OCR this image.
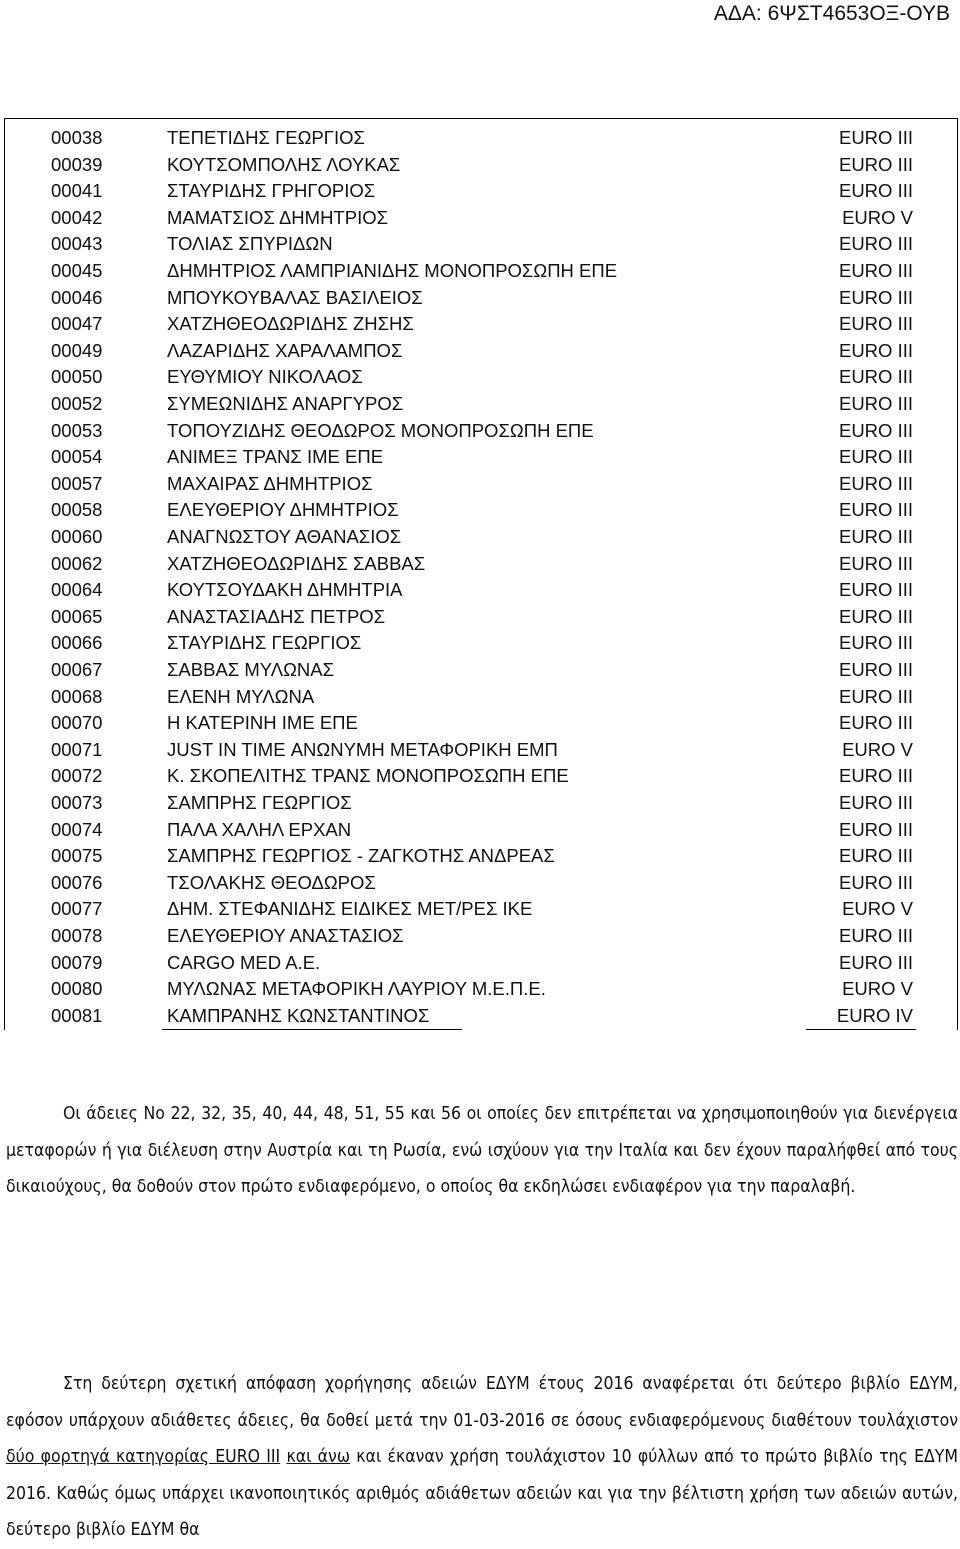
ΑΔΑ: 6ΨΣΤ4653ΟΞ-ΟΥΒ
00038	ΤΕΠΕΤΙΔΗΣ ΓΕΩΡΓΙΟΣ	EURO III
00039	ΚΟΥΤΣΟΜΠΟΛΗΣ ΛΟΥΚΑΣ	EURO III
00041	ΣΤΑΥΡΙΔΗΣ ΓΡΗΓΟΡΙΟΣ	EURO III
00042	ΜΑΜΑΤΣΙΟΣ ΔΗΜΗΤΡΙΟΣ	EURO V
00043	ΤΟΛΙΑΣ ΣΠΥΡΙΔΩΝ	EURO III
00045	ΔΗΜΗΤΡΙΟΣ ΛΑΜΠΡΙΑΝΙΔΗΣ ΜΟΝΟΠΡΟΣΩΠΗ ΕΠΕ	EURO III
00046	ΜΠΟΥΚΟΥΒΑΛΑΣ ΒΑΣΙΛΕΙΟΣ	EURO III
00047	ΧΑΤΖΗΘΕΟΔΩΡΙΔΗΣ ΖΗΣΗΣ	EURO III
00049	ΛΑΖΑΡΙΔΗΣ ΧΑΡΑΛΑΜΠΟΣ	EURO III
00050	ΕΥΘΥΜΙΟΥ ΝΙΚΟΛΑΟΣ	EURO III
00052	ΣΥΜΕΩΝΙΔΗΣ ΑΝΑΡΓΥΡΟΣ	EURO III
00053	ΤΟΠΟΥΖΙΔΗΣ ΘΕΟΔΩΡΟΣ ΜΟΝΟΠΡΟΣΩΠΗ ΕΠΕ	EURO III
00054	ΑΝΙΜΕΞ ΤΡΑΝΣ ΙΜΕ ΕΠΕ	EURO III
00057	ΜΑΧΑΙΡΑΣ ΔΗΜΗΤΡΙΟΣ	EURO III
00058	ΕΛΕΥΘΕΡΙΟΥ ΔΗΜΗΤΡΙΟΣ	EURO III
00060	ΑΝΑΓΝΩΣΤΟΥ ΑΘΑΝΑΣΙΟΣ	EURO III
00062	ΧΑΤΖΗΘΕΟΔΩΡΙΔΗΣ ΣΑΒΒΑΣ	EURO III
00064	ΚΟΥΤΣΟΥΔΑΚΗ ΔΗΜΗΤΡΙΑ	EURO III
00065	ΑΝΑΣΤΑΣΙΑΔΗΣ ΠΕΤΡΟΣ	EURO III
00066	ΣΤΑΥΡΙΔΗΣ ΓΕΩΡΓΙΟΣ	EURO III
00067	ΣΑΒΒΑΣ ΜΥΛΩΝΑΣ	EURO III
00068	ΕΛΕΝΗ ΜΥΛΩΝΑ	EURO III
00070	Η ΚΑΤΕΡΙΝΗ ΙΜΕ ΕΠΕ	EURO III
00071	JUST IN TIME ΑΝΩΝΥΜΗ ΜΕΤΑΦΟΡΙΚΗ ΕΜΠ	EURO V
00072	Κ. ΣΚΟΠΕΛΙΤΗΣ ΤΡΑΝΣ ΜΟΝΟΠΡΟΣΩΠΗ ΕΠΕ	EURO III
00073	ΣΑΜΠΡΗΣ ΓΕΩΡΓΙΟΣ	EURO III
00074	ΠΑΛΑ ΧΑΛΗΛ ΕΡΧΑΝ	EURO III
00075	ΣΑΜΠΡΗΣ ΓΕΩΡΓΙΟΣ - ΖΑΓΚΟΤΗΣ ΑΝΔΡΕΑΣ	EURO III
00076	ΤΣΟΛΑΚΗΣ ΘΕΟΔΩΡΟΣ	EURO III
00077	ΔΗΜ. ΣΤΕΦΑΝΙΔΗΣ ΕΙΔΙΚΕΣ ΜΕΤ/ΡΕΣ ΙΚΕ	EURO V
00078	ΕΛΕΥΘΕΡΙΟΥ ΑΝΑΣΤΑΣΙΟΣ	EURO III
00079	CARGO MED A.E.	EURO III
00080	ΜΥΛΩΝΑΣ ΜΕΤΑΦΟΡΙΚΗ ΛΑΥΡΙΟΥ Μ.Ε.Π.Ε.	EURO V
00081	ΚΑΜΠΡΑΝΗΣ ΚΩΝΣΤΑΝΤΙΝΟΣ	EURO IV
Οι άδειες Νο 22, 32, 35, 40, 44, 48, 51, 55 και 56 οι οποίες δεν επιτρέπεται να χρησιμοποιηθούν για διενέργεια μεταφορών ή για διέλευση στην Αυστρία και τη Ρωσία, ενώ ισχύουν για την Ιταλία και δεν έχουν παραλήφθεί από τους δικαιούχους, θα δοθούν στον πρώτο ενδιαφερόμενο, ο οποίος θα εκδηλώσει ενδιαφέρον για την παραλαβή.
Στη δεύτερη σχετική απόφαση χορήγησης αδειών ΕΔΥΜ έτους 2016 αναφέρεται ότι δεύτερο βιβλίο ΕΔΥΜ, εφόσον υπάρχουν αδιάθετες άδειες, θα δοθεί μετά την 01-03-2016 σε όσους ενδιαφερόμενους διαθέτουν τουλάχιστον δύο φορτηγά κατηγορίας EURO III και άνω και έκαναν χρήση τουλάχιστον 10 φύλλων από το πρώτο βιβλίο της ΕΔΥΜ 2016. Καθώς όμως υπάρχει ικανοποιητικός αριθμός αδιάθετων αδειών και για την βέλτιστη χρήση των αδειών αυτών, δεύτερο βιβλίο ΕΔΥΜ θα
